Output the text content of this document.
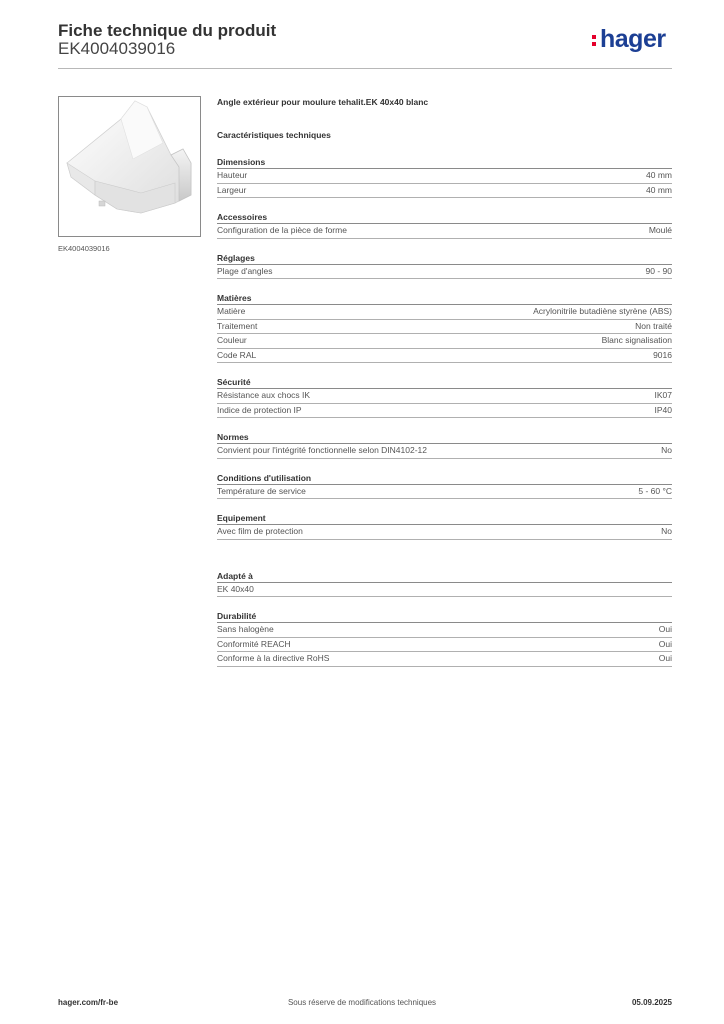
Fiche technique du produit
EK4004039016	hager
EK4004039016
Angle extérieur pour moulure tehalit.EK 40x40 blanc
Caractéristiques techniques
Dimensions
Hauteur	40 mm
Largeur	40 mm
Accessoires
Configuration de la pièce de forme	Moulé
Réglages
Plage d'angles	90 - 90
Matières
Matière	Acrylonitrile butadiène styrène (ABS)
Traitement	Non traité
Couleur	Blanc signalisation
Code RAL	9016
Sécurité
Résistance aux chocs IK	IK07
Indice de protection IP	IP40
Normes
Convient pour l'intégrité fonctionnelle selon DIN4102-12	No
Conditions d'utilisation
Température de service	5 - 60 °C
Equipement
Avec film de protection	No
Adapté à
EK 40x40
Durabilité
Sans halogène	Oui
Conformité REACH	Oui
Conforme à la directive RoHS	Oui
hager.com/fr-be	Sous réserve de modifications techniques	05.09.2025
